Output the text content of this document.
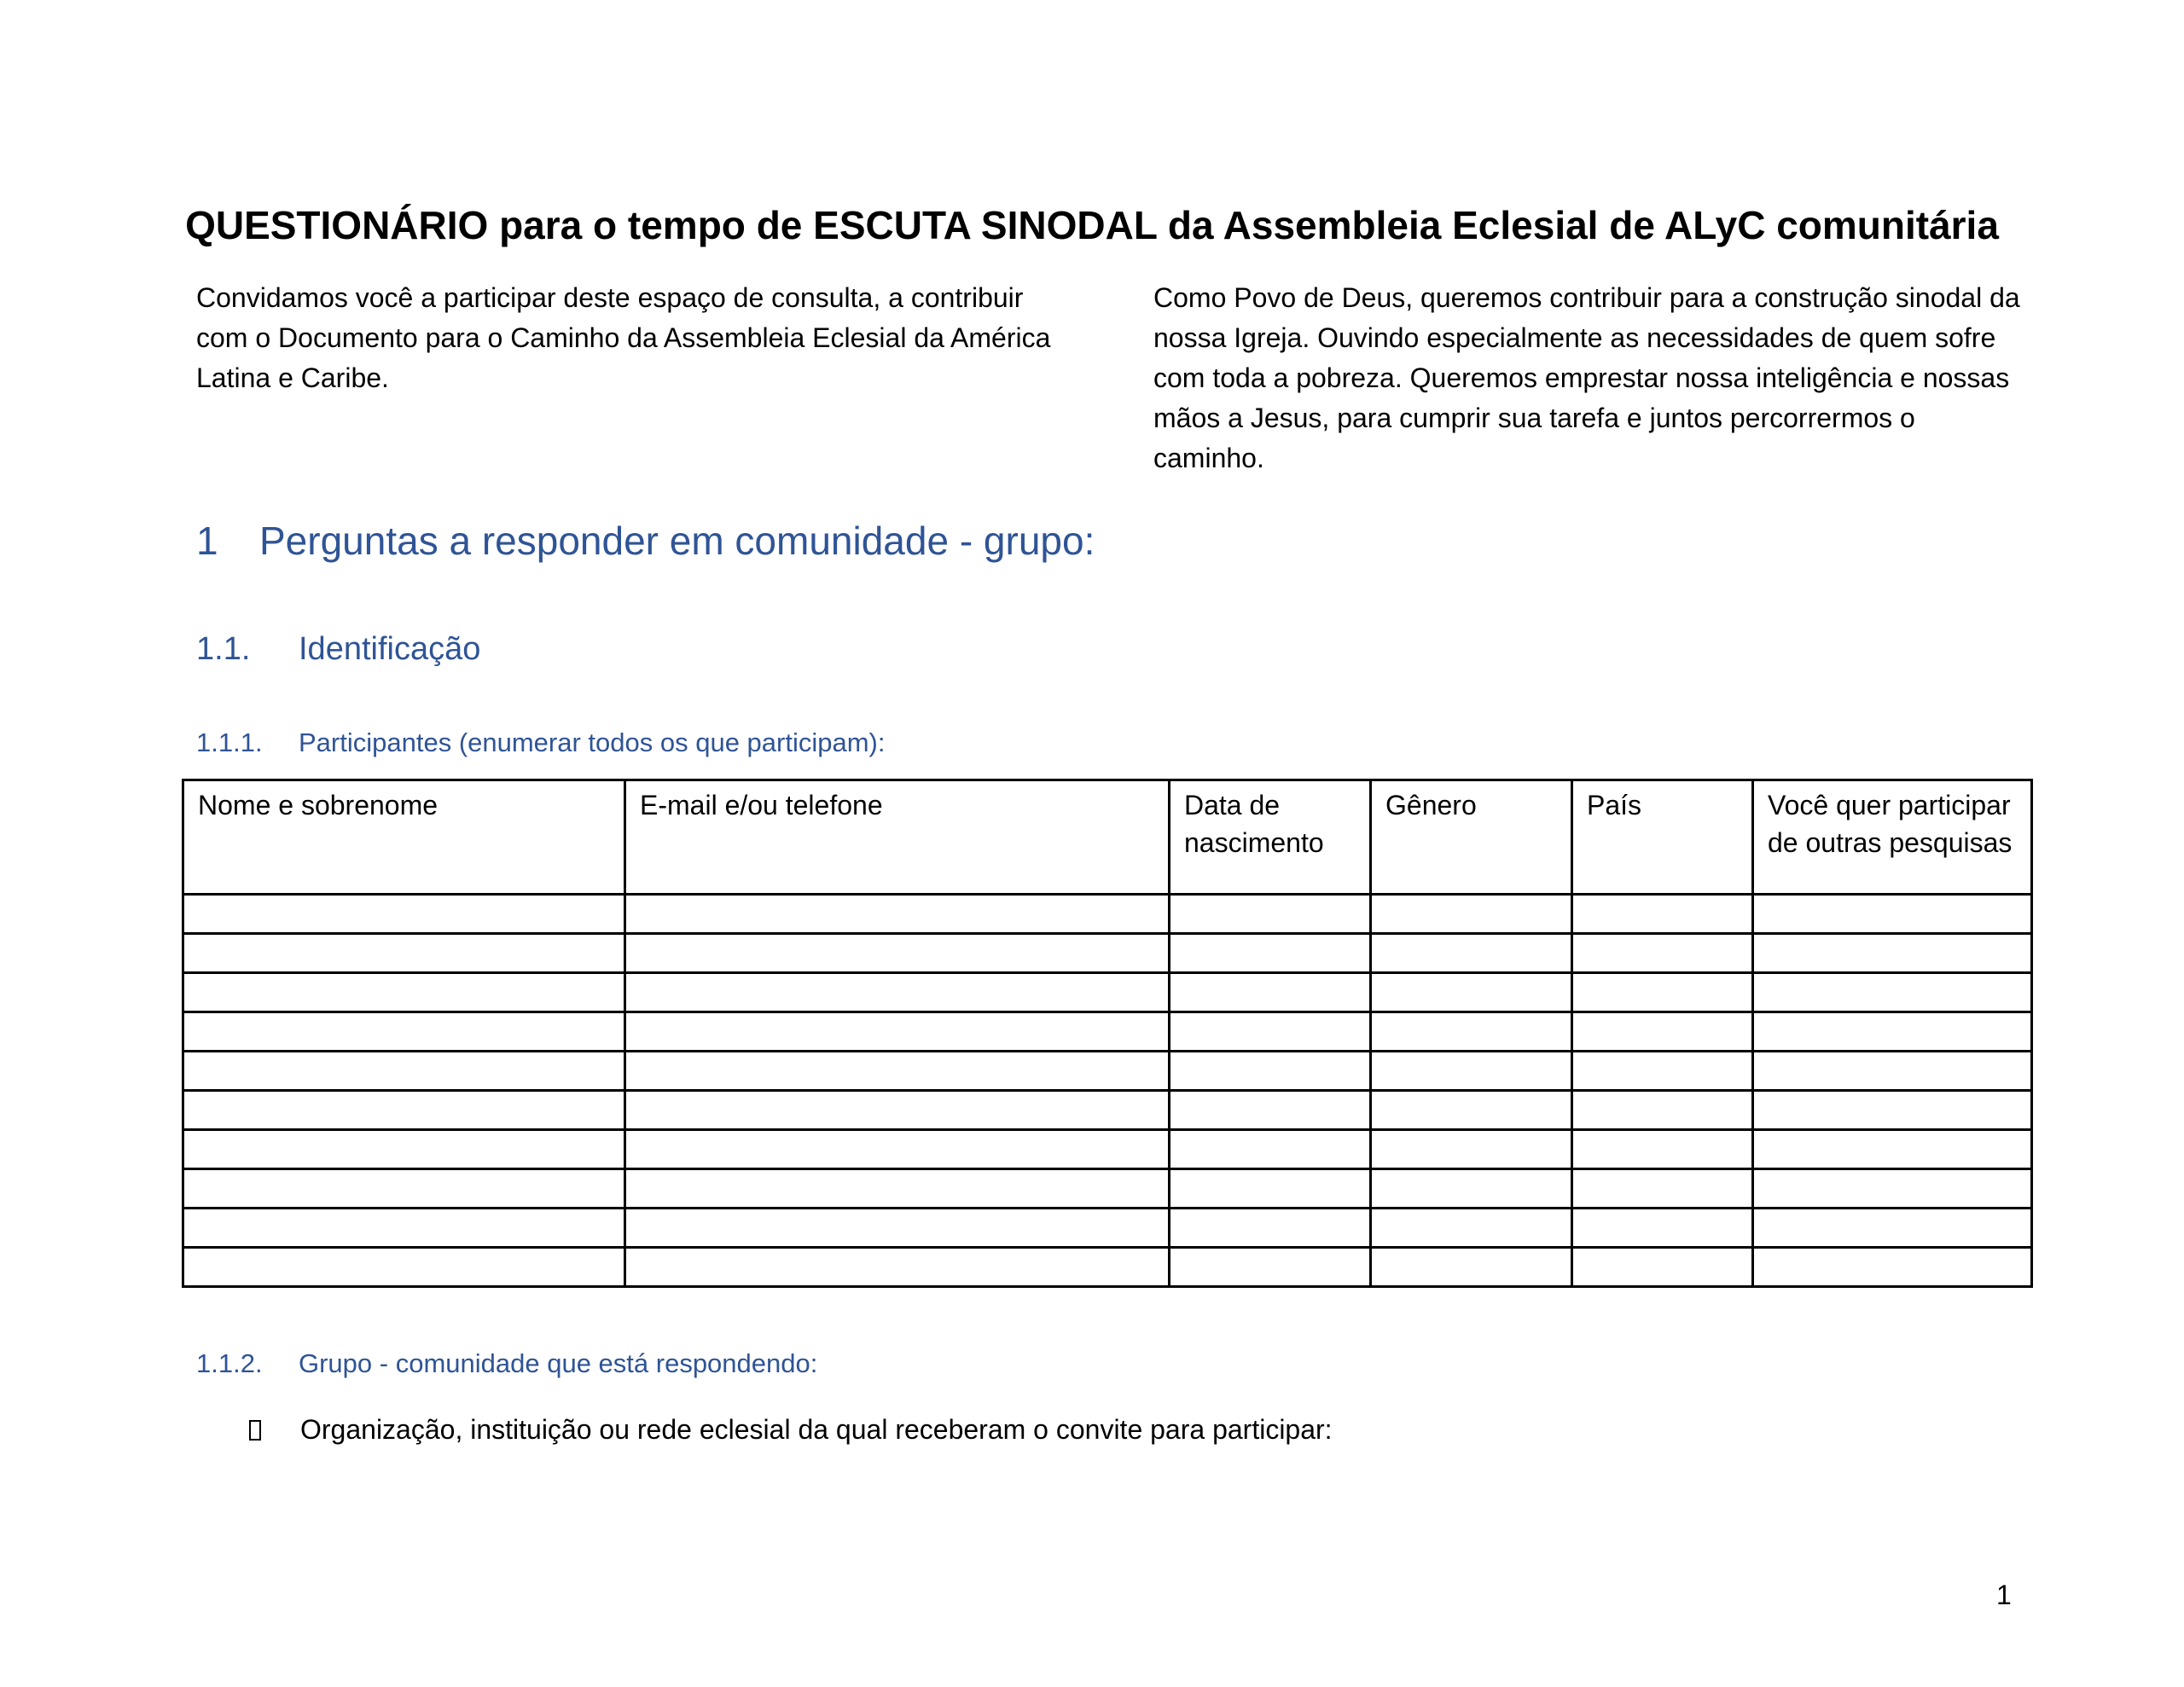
QUESTIONÁRIO para o tempo de ESCUTA SINODAL da Assembleia Eclesial de ALyC comunitária
Convidamos você a participar deste espaço de consulta, a contribuir com o Documento para o Caminho da Assembleia Eclesial da América Latina e Caribe.
Como Povo de Deus, queremos contribuir para a construção sinodal da nossa Igreja. Ouvindo especialmente as necessidades de quem sofre com toda a pobreza. Queremos emprestar nossa inteligência e nossas mãos a Jesus, para cumprir sua tarefa e juntos percorrermos o caminho.
1 Perguntas a responder em comunidade - grupo:
1.1. Identificação
1.1.1. Participantes (enumerar todos os que participam):
Nome e sobrenome	E-mail e/ou telefone	Data de nascimento	Gênero	País	Você quer participar de outras pesquisas

1.1.2. Grupo - comunidade que está respondendo:
Organização, instituição ou rede eclesial da qual receberam o convite para participar:
1
